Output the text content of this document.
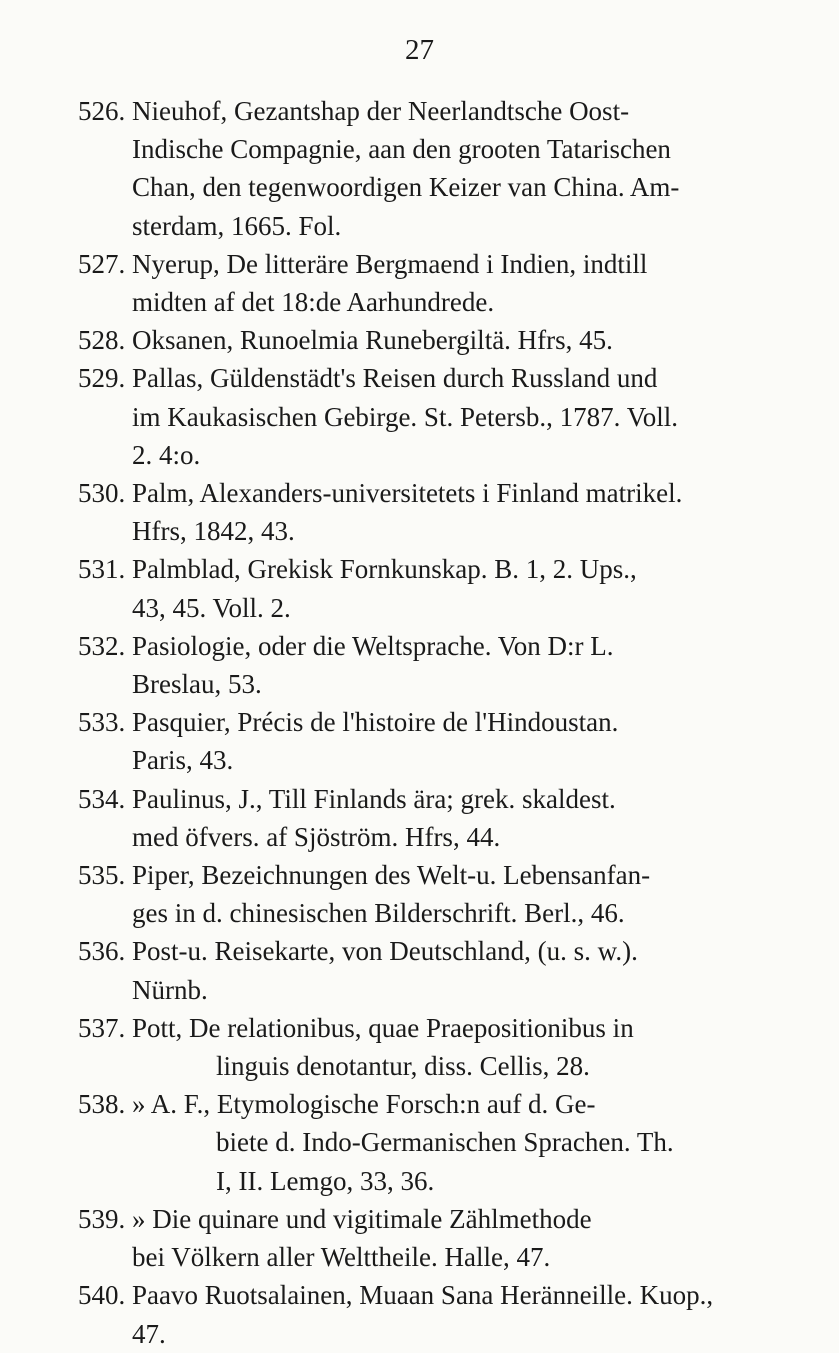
27
526. Nieuhof, Gezantshap der Neerlandtsche Oost-
Indische Compagnie, aan den grooten Tatarischen
Chan, den tegenwoordigen Keizer van China. Am-
sterdam, 1665. Fol.
527. Nyerup, De litteräre Bergmaend i Indien, indtill
midten af det 18:de Aarhundrede.
528. Oksanen, Runoelmia Runebergiltä. Hfrs, 45.
529. Pallas, Güldenstädt's Reisen durch Russland und
im Kaukasischen Gebirge. St. Petersb., 1787. Voll.
2. 4:o.
530. Palm, Alexanders-universitetets i Finland matrikel.
Hfrs, 1842, 43.
531. Palmblad, Grekisk Fornkunskap. B. 1, 2. Ups.,
43, 45. Voll. 2.
532. Pasiologie, oder die Weltsprache. Von D:r L.
Breslau, 53.
533. Pasquier, Précis de l'histoire de l'Hindoustan.
Paris, 43.
534. Paulinus, J., Till Finlands ära; grek. skaldest.
med öfvers. af Sjöström. Hfrs, 44.
535. Piper, Bezeichnungen des Welt-u. Lebensanfan-
ges in d. chinesischen Bilderschrift. Berl., 46.
536. Post-u. Reisekarte, von Deutschland, (u. s. w.).
Nürnb.
537. Pott, De relationibus, quae Praepositionibus in
linguis denotantur, diss. Cellis, 28.
538. » A. F., Etymologische Forsch:n auf d. Ge-
biete d. Indo-Germanischen Sprachen. Th.
I, II. Lemgo, 33, 36.
539. » Die quinare und vigitimale Zählmethode
bei Völkern aller Welttheile. Halle, 47.
540. Paavo Ruotsalainen, Muaan Sana Heränneille. Kuop.,
47.
